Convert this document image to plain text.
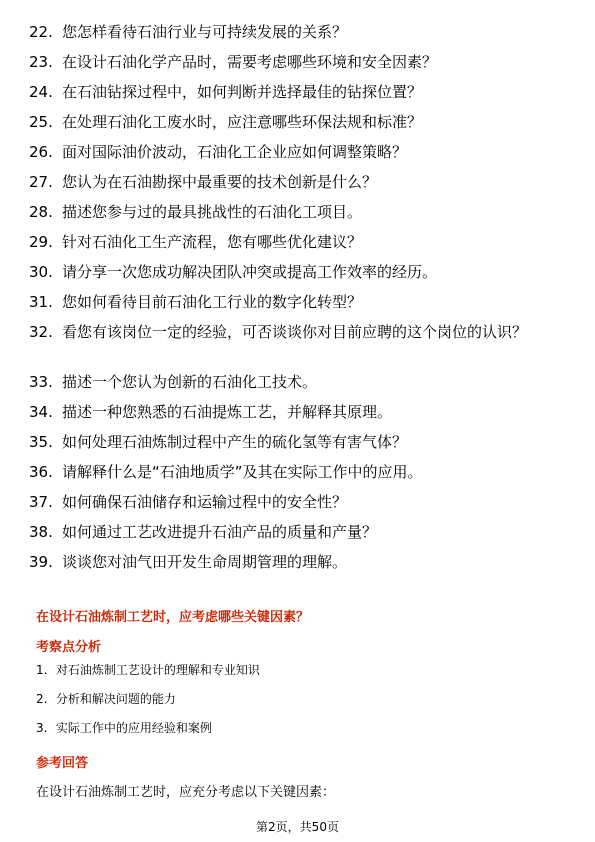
22. 您怎样看待石油行业与可持续发展的关系？
23. 在设计石油化学产品时，需要考虑哪些环境和安全因素？
24. 在石油钻探过程中，如何判断并选择最佳的钻探位置？
25. 在处理石油化工废水时，应注意哪些环保法规和标准？
26. 面对国际油价波动，石油化工企业应如何调整策略？
27. 您认为在石油勘探中最重要的技术创新是什么？
28. 描述您参与过的最具挑战性的石油化工项目。
29. 针对石油化工生产流程，您有哪些优化建议？
30. 请分享一次您成功解决团队冲突或提高工作效率的经历。
31. 您如何看待目前石油化工行业的数字化转型？
32. 看您有该岗位一定的经验，可否谈谈你对目前应聘的这个岗位的认识？
33. 描述一个您认为创新的石油化工技术。
34. 描述一种您熟悉的石油提炼工艺，并解释其原理。
35. 如何处理石油炼制过程中产生的硫化氢等有害气体？
36. 请解释什么是“石油地质学”及其在实际工作中的应用。
37. 如何确保石油储存和运输过程中的安全性？
38. 如何通过工艺改进提升石油产品的质量和产量？
39. 谈谈您对油气田开发生命周期管理的理解。
在设计石油炼制工艺时，应考虑哪些关键因素？
考察点分析
1. 对石油炼制工艺设计的理解和专业知识
2. 分析和解决问题的能力
3. 实际工作中的应用经验和案例
参考回答
在设计石油炼制工艺时，应充分考虑以下关键因素：
第2页，共50页
